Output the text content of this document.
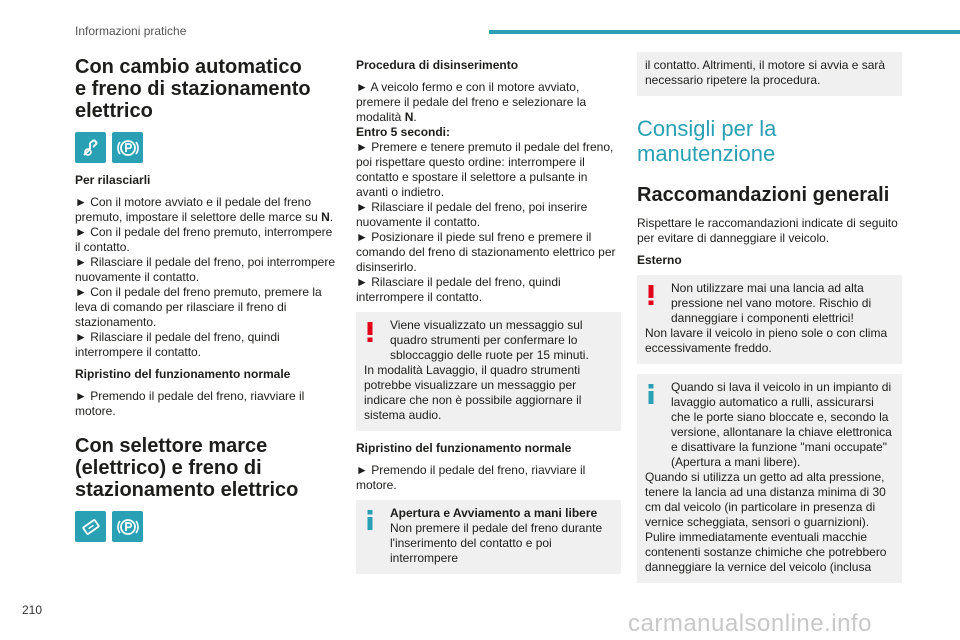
Informazioni pratiche
Con cambio automatico
e freno di stazionamento
elettrico
Per rilasciarli
► Con il motore avviato e il pedale del freno premuto, impostare il selettore delle marce su N.
► Con il pedale del freno premuto, interrompere il contatto.
► Rilasciare il pedale del freno, poi interrompere nuovamente il contatto.
► Con il pedale del freno premuto, premere la leva di comando per rilasciare il freno di stazionamento.
► Rilasciare il pedale del freno, quindi interrompere il contatto.
Ripristino del funzionamento normale
► Premendo il pedale del freno, riavviare il motore.
Con selettore marce
(elettrico) e freno di
stazionamento elettrico
Procedura di disinserimento
► A veicolo fermo e con il motore avviato, premere il pedale del freno e selezionare la modalità N.
Entro 5 secondi:
► Premere e tenere premuto il pedale del freno, poi rispettare questo ordine: interrompere il contatto e spostare il selettore a pulsante in avanti o indietro.
► Rilasciare il pedale del freno, poi inserire nuovamente il contatto.
► Posizionare il piede sul freno e premere il comando del freno di stazionamento elettrico per disinserirlo.
► Rilasciare il pedale del freno, quindi interrompere il contatto.
Viene visualizzato un messaggio sul quadro strumenti per confermare lo sbloccaggio delle ruote per 15 minuti.
In modalità Lavaggio, il quadro strumenti potrebbe visualizzare un messaggio per indicare che non è possibile aggiornare il sistema audio.
Ripristino del funzionamento normale
► Premendo il pedale del freno, riavviare il motore.
Apertura e Avviamento a mani libere
Non premere il pedale del freno durante l'inserimento del contatto e poi interrompere
il contatto. Altrimenti, il motore si avvia e sarà necessario ripetere la procedura.
Consigli per la
manutenzione
Raccomandazioni generali
Rispettare le raccomandazioni indicate di seguito per evitare di danneggiare il veicolo.
Esterno
Non utilizzare mai una lancia ad alta pressione nel vano motore. Rischio di danneggiare i componenti elettrici!
Non lavare il veicolo in pieno sole o con clima eccessivamente freddo.
Quando si lava il veicolo in un impianto di lavaggio automatico a rulli, assicurarsi che le porte siano bloccate e, secondo la versione, allontanare la chiave elettronica e disattivare la funzione "mani occupate" (Apertura a mani libere).
Quando si utilizza un getto ad alta pressione, tenere la lancia ad una distanza minima di 30 cm dal veicolo (in particolare in presenza di vernice scheggiata, sensori o guarnizioni).
Pulire immediatamente eventuali macchie contenenti sostanze chimiche che potrebbero danneggiare la vernice del veicolo (inclusa
210	carmanualsonline.info
